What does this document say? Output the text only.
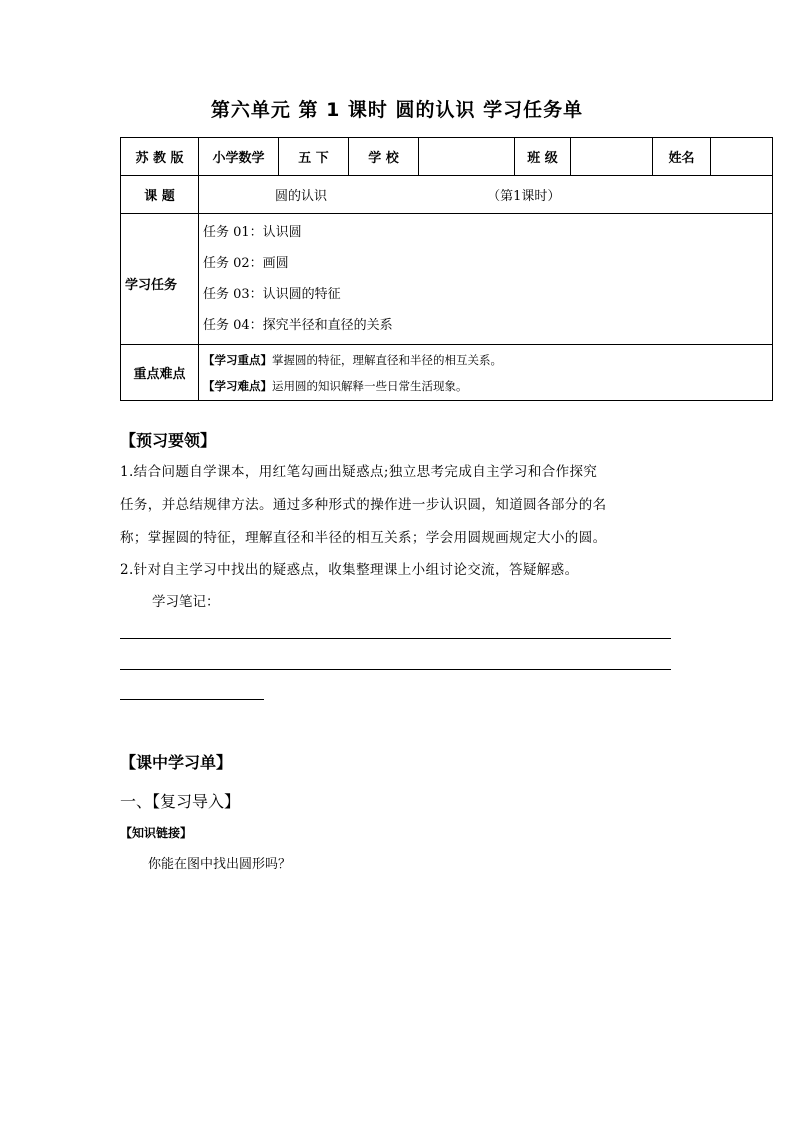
第六单元 第 1 课时 圆的认识 学习任务单
苏 教 版	小学数学	五 下	学 校		班 级		姓名	
课 题	圆的认识 （第1课时）							
学习任务	任务 01：认识圆
任务 02：画圆
任务 03：认识圆的特征
任务 04：探究半径和直径的关系							

重点难点	【学习重点】掌握圆的特征，理解直径和半径的相互关系。
【学习难点】运用圆的知识解释一些日常生活现象。							
【预习要领】
1.结合问题自学课本，用红笔勾画出疑惑点;独立思考完成自主学习和合作探究
任务，并总结规律方法。通过多种形式的操作进一步认识圆，知道圆各部分的名
称；掌握圆的特征，理解直径和半径的相互关系；学会用圆规画规定大小的圆。
2.针对自主学习中找出的疑惑点，收集整理课上小组讨论交流，答疑解惑。
学习笔记：
【课中学习单】
一、【复习导入】
【知识链接】
你能在图中找出圆形吗？
